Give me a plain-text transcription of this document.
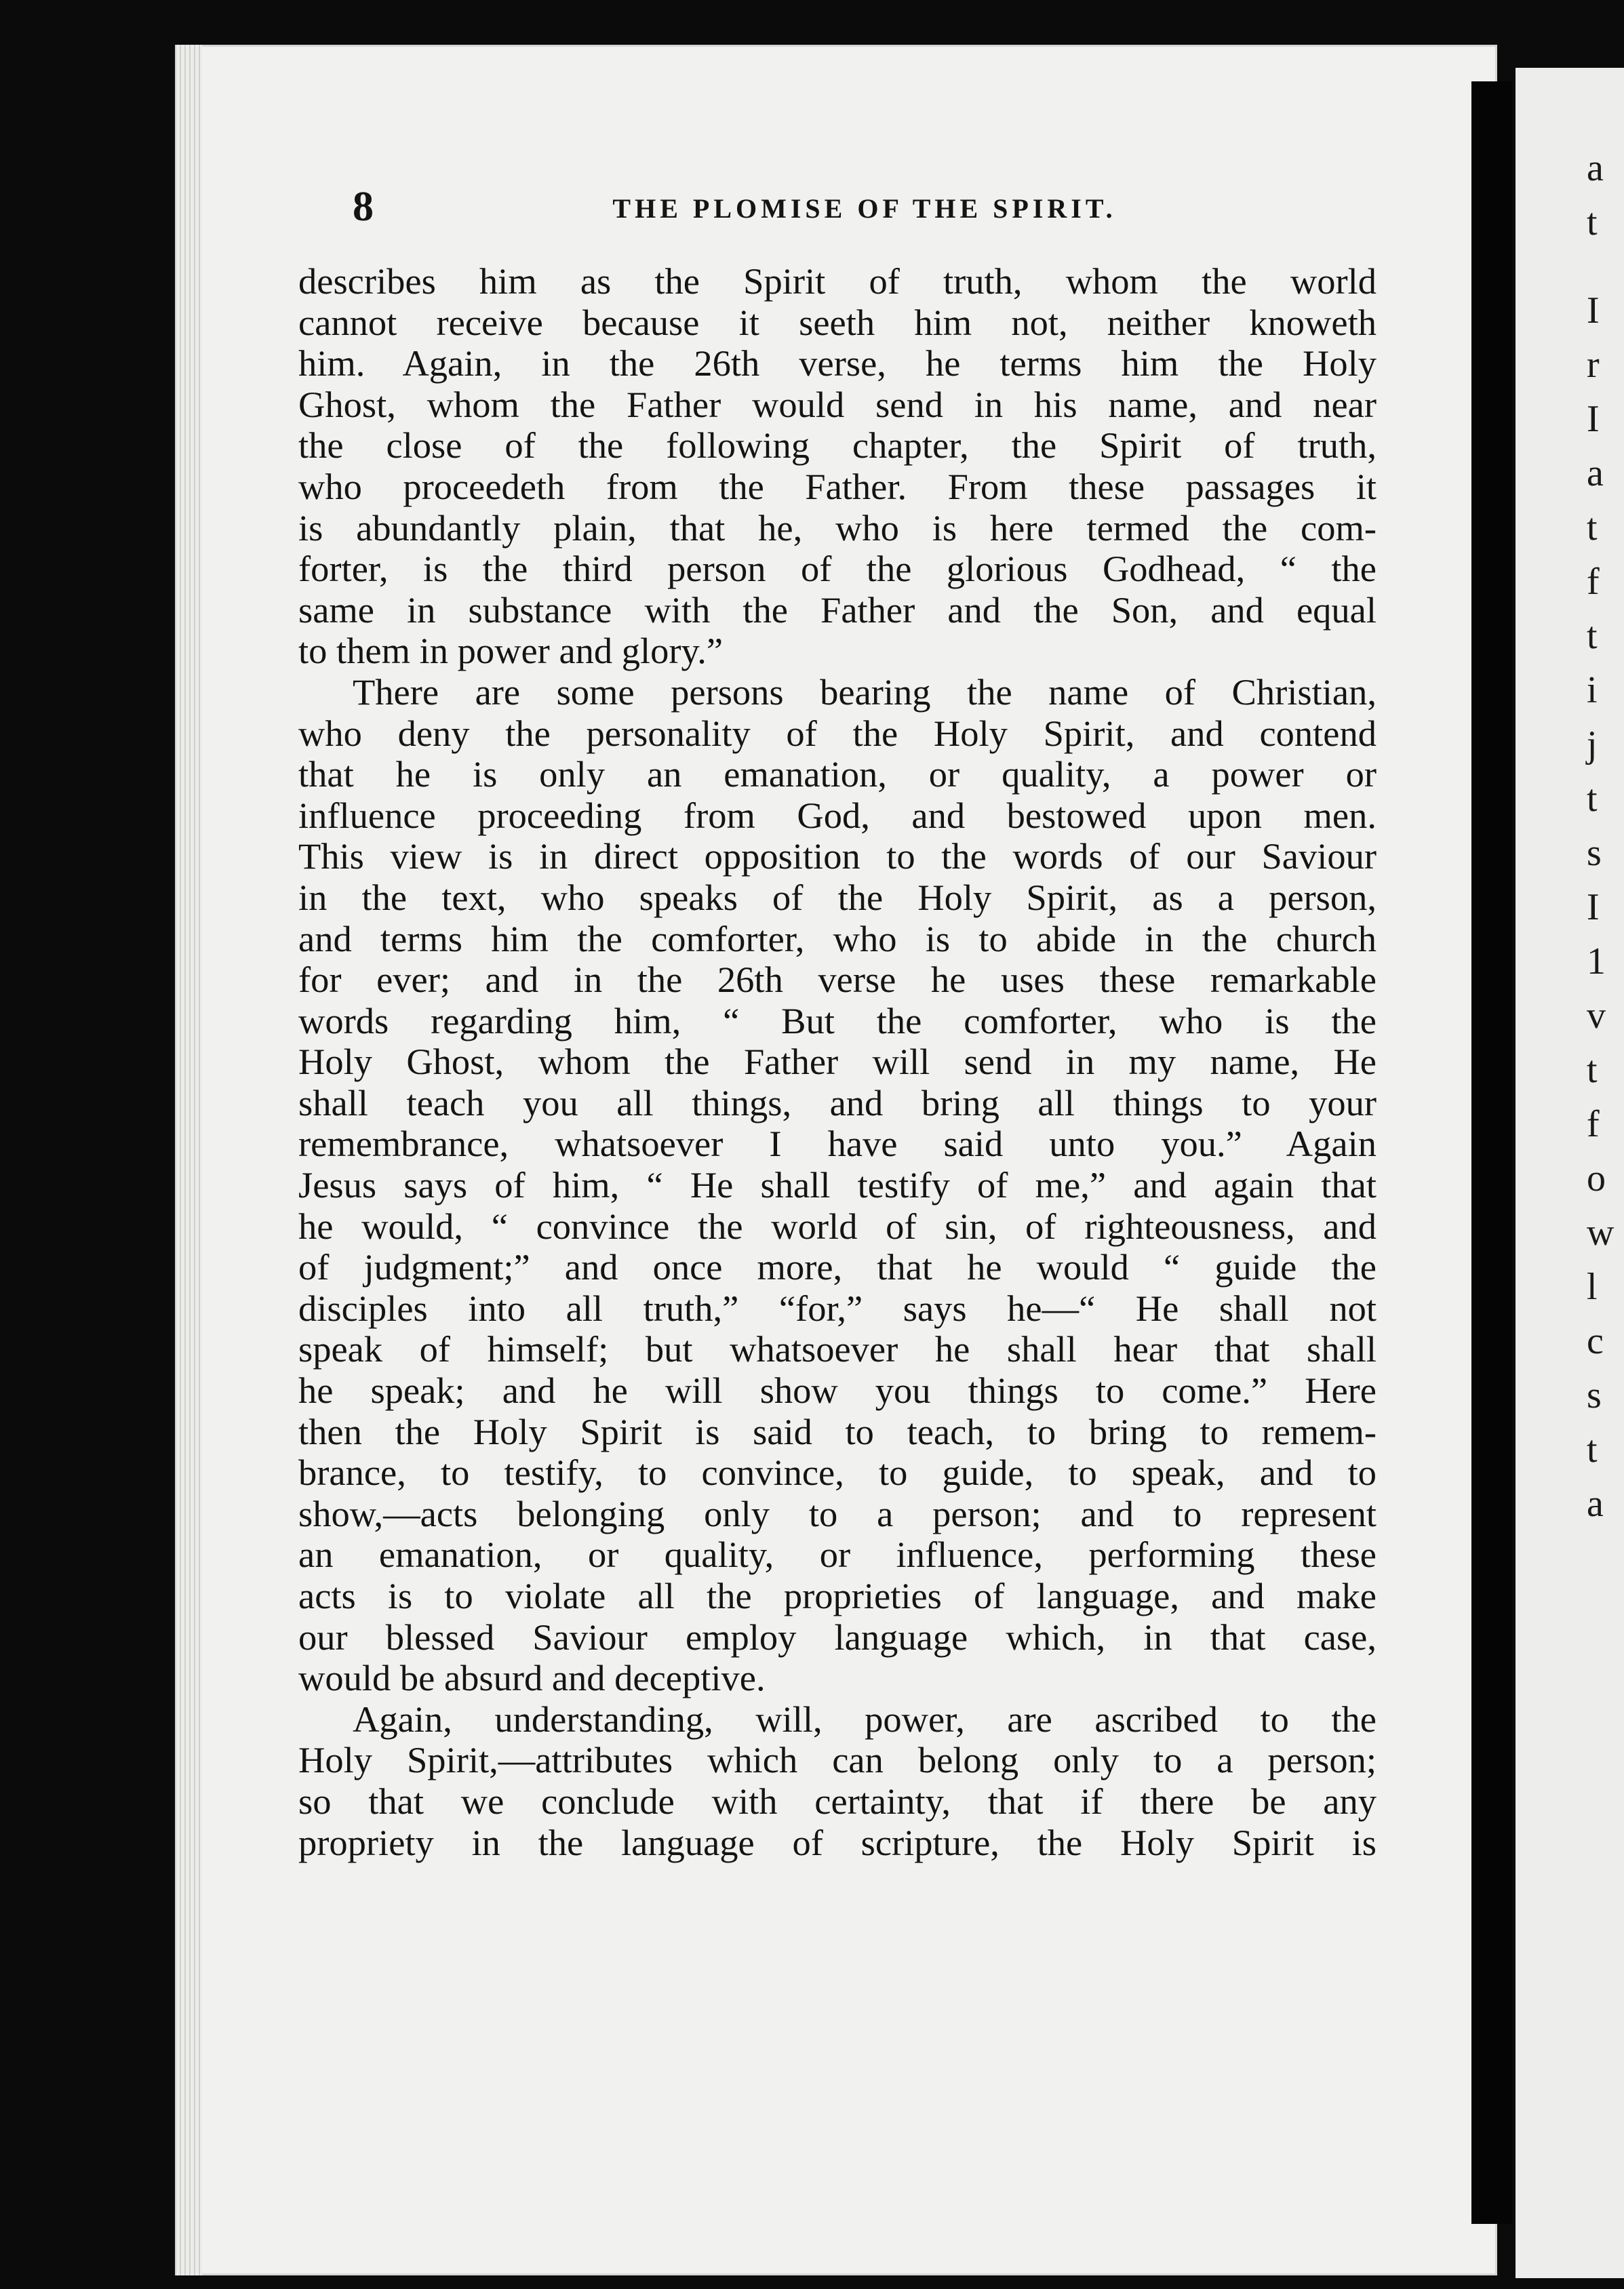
a
t
I
r
I
a
t
f
t
i
j
t
s
I
1
v
t
f
o
w
l
c
s
t
a
8	THE PLOMISE OF THE SPIRIT.
describes him as the Spirit of truth, whom the world
cannot receive because it seeth him not, neither knoweth
him. Again, in the 26th verse, he terms him the Holy
Ghost, whom the Father would send in his name, and near
the close of the following chapter, the Spirit of truth,
who proceedeth from the Father. From these passages it
is abundantly plain, that he, who is here termed the com-
forter, is the third person of the glorious Godhead, “ the
same in substance with the Father and the Son, and equal
to them in power and glory.”
There are some persons bearing the name of Christian,
who deny the personality of the Holy Spirit, and contend
that he is only an emanation, or quality, a power or
influence proceeding from God, and bestowed upon men.
This view is in direct opposition to the words of our Saviour
in the text, who speaks of the Holy Spirit, as a person,
and terms him the comforter, who is to abide in the church
for ever; and in the 26th verse he uses these remarkable
words regarding him, “ But the comforter, who is the
Holy Ghost, whom the Father will send in my name, He
shall teach you all things, and bring all things to your
remembrance, whatsoever I have said unto you.” Again
Jesus says of him, “ He shall testify of me,” and again that
he would, “ convince the world of sin, of righteousness, and
of judgment;” and once more, that he would “ guide the
disciples into all truth,” “for,” says he—“ He shall not
speak of himself; but whatsoever he shall hear that shall
he speak; and he will show you things to come.” Here
then the Holy Spirit is said to teach, to bring to remem-
brance, to testify, to convince, to guide, to speak, and to
show,—acts belonging only to a person; and to represent
an emanation, or quality, or influence, performing these
acts is to violate all the proprieties of language, and make
our blessed Saviour employ language which, in that case,
would be absurd and deceptive.
Again, understanding, will, power, are ascribed to the
Holy Spirit,—attributes which can belong only to a person;
so that we conclude with certainty, that if there be any
propriety in the language of scripture, the Holy Spirit is
